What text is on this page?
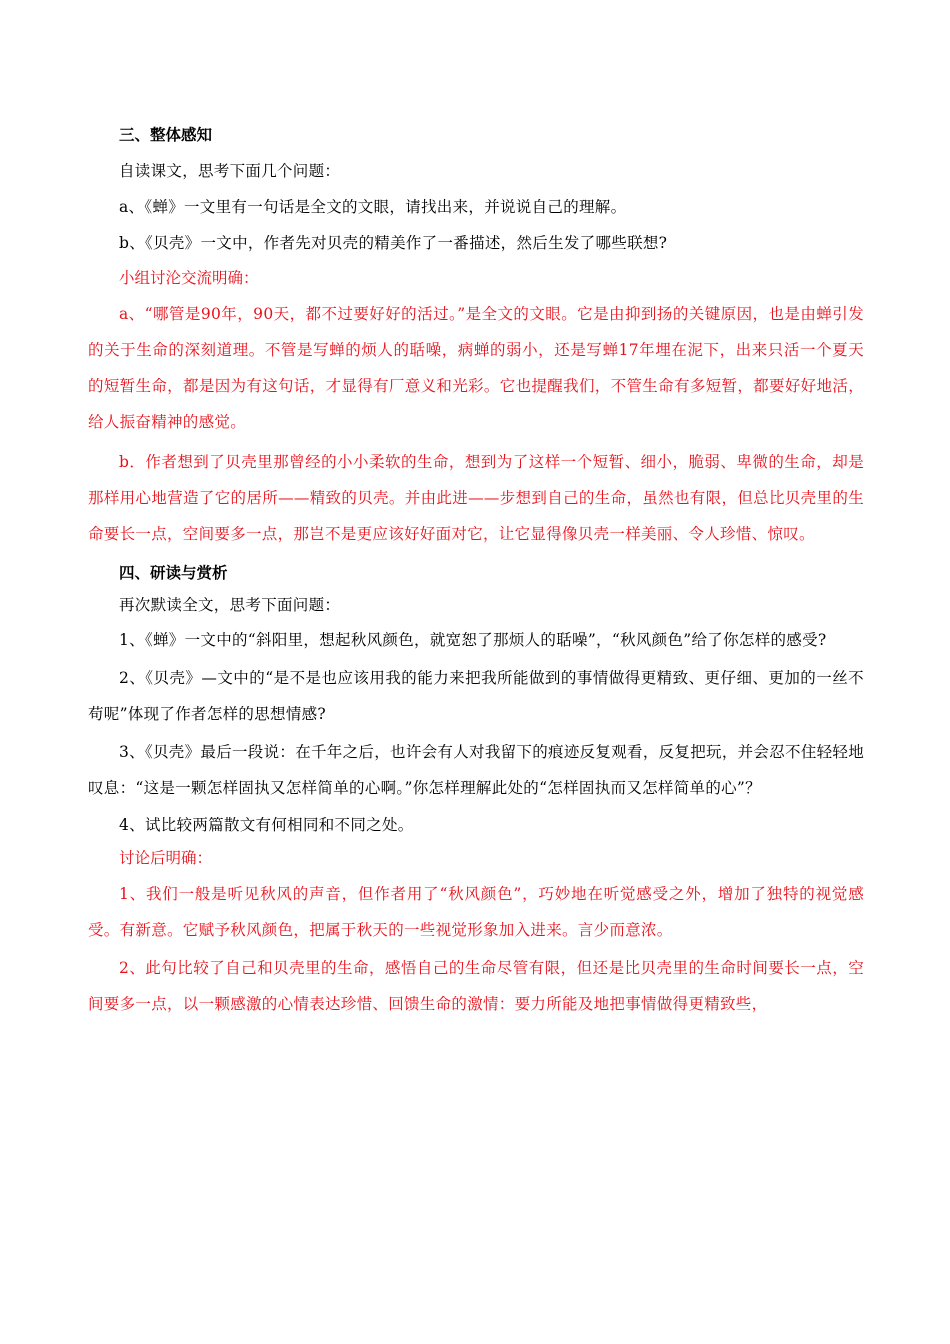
三、整体感知

自读课文，思考下面几个问题：

a、《蝉》一文里有一句话是全文的文眼，请找出来，并说说自己的理解。

b、《贝壳》一文中，作者先对贝壳的精美作了一番描述，然后生发了哪些联想?

小组讨沦交流明确：

a、“哪管是90年，90天，都不过要好好的活过。”是全文的文眼。它是由抑到扬的关键原因，也是由蝉引发的关于生命的深刻道理。不管是写蝉的烦人的聒噪，病蝉的弱小，还是写蝉17年埋在泥下，出来只活一个夏天的短暂生命，都是因为有这句话，才显得有厂意义和光彩。它也提醒我们，不管生命有多短暂，都要好好地活，给人振奋精神的感觉。

b．作者想到了贝壳里那曾经的小小柔软的生命，想到为了这样一个短暂、细小，脆弱、卑微的生命，却是那样用心地营造了它的居所——精致的贝壳。并由此进——步想到自己的生命，虽然也有限，但总比贝壳里的生命要长一点，空间要多一点，那岂不是更应该好好面对它，让它显得像贝壳一样美丽、令人珍惜、惊叹。

四、研读与赏析

再次默读全文，思考下面问题：

1、《蝉》一文中的“斜阳里，想起秋风颜色，就宽恕了那烦人的聒噪”，“秋风颜色”给了你怎样的感受?

2、《贝壳》—文中的“是不是也应该用我的能力来把我所能做到的事情做得更精致、更仔细、更加的一丝不苟呢”体现了作者怎样的思想情感?

3、《贝壳》最后一段说：在千年之后，也许会有人对我留下的痕迹反复观看，反复把玩，并会忍不住轻轻地叹息：“这是一颗怎样固执又怎样简单的心啊。”你怎样理解此处的“怎样固执而又怎样简单的心”？

4、试比较两篇散文有何相同和不同之处。

讨论后明确：

1、我们一般是听见秋风的声音，但作者用了“秋风颜色”，巧妙地在听觉感受之外，增加了独特的视觉感受。有新意。它赋予秋风颜色，把属于秋天的一些视觉形象加入进来。言少而意浓。

2、此句比较了自己和贝壳里的生命，感悟自己的生命尽管有限，但还是比贝壳里的生命时间要长一点，空间要多一点，以一颗感激的心情表达珍惜、回馈生命的激情：要力所能及地把事情做得更精致些，
